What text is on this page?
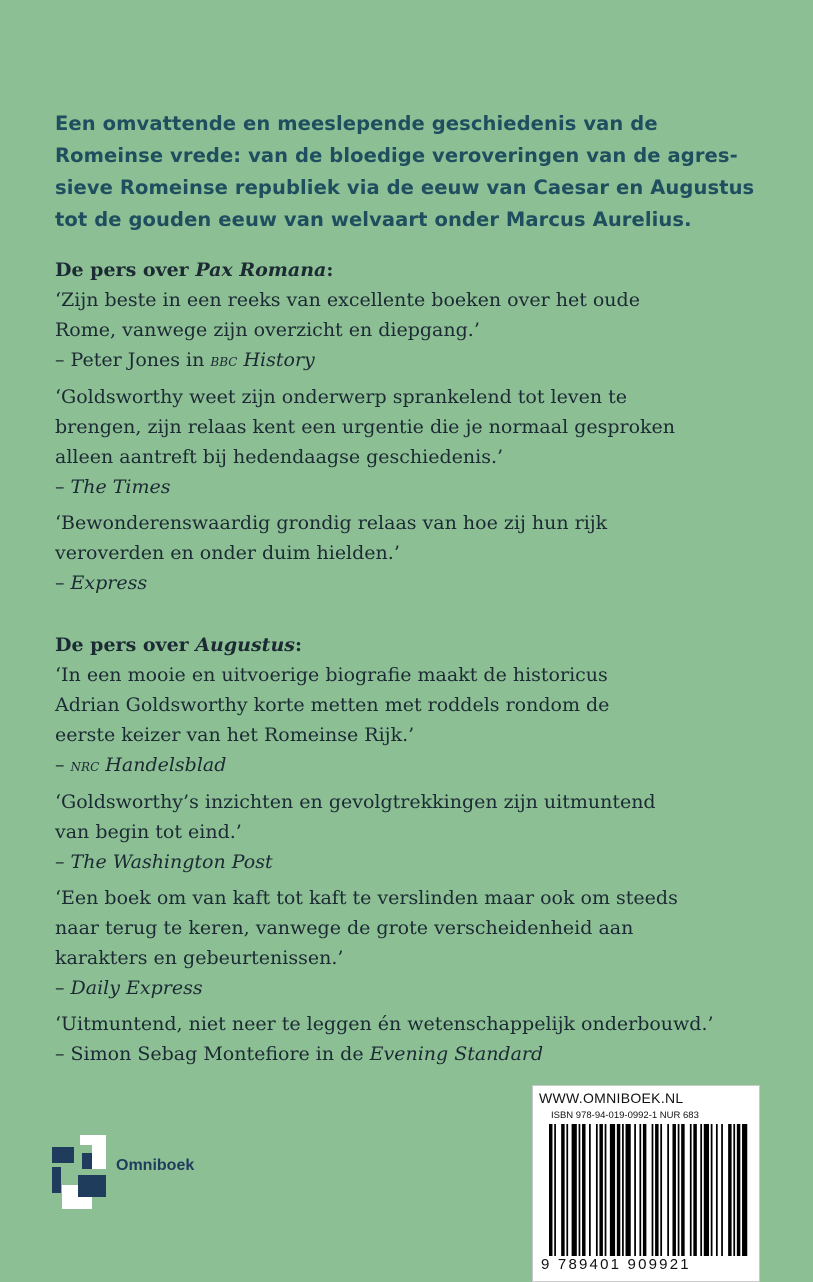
Een omvattende en meeslepende geschiedenis van de
Romeinse vrede: van de bloedige veroveringen van de agres-
sieve Romeinse republiek via de eeuw van Caesar en Augustus
tot de gouden eeuw van welvaart onder Marcus Aurelius.
De pers over Pax Romana:
‘Zijn beste in een reeks van excellente boeken over het oude
Rome, vanwege zijn overzicht en diepgang.’
– Peter Jones in bbc History
‘Goldsworthy weet zijn onderwerp sprankelend tot leven te
brengen, zijn relaas kent een urgentie die je normaal gesproken
alleen aantreft bij hedendaagse geschiedenis.’
– The Times
‘Bewonderenswaardig grondig relaas van hoe zij hun rijk
veroverden en onder duim hielden.’
– Express
De pers over Augustus:
‘In een mooie en uitvoerige biografie maakt de historicus
Adrian Goldsworthy korte metten met roddels rondom de
eerste keizer van het Romeinse Rijk.’
– nrc Handelsblad
‘Goldsworthy’s inzichten en gevolgtrekkingen zijn uitmuntend
van begin tot eind.’
– The Washington Post
‘Een boek om van kaft tot kaft te verslinden maar ook om steeds
naar terug te keren, vanwege de grote verscheidenheid aan
karakters en gebeurtenissen.’
– Daily Express
‘Uitmuntend, niet neer te leggen én wetenschappelijk onderbouwd.’
– Simon Sebag Montefiore in de Evening Standard
Omniboek
WWW.OMNIBOEK.NL
ISBN 978-94-019-0992-1 NUR 683
9 789401 909921
